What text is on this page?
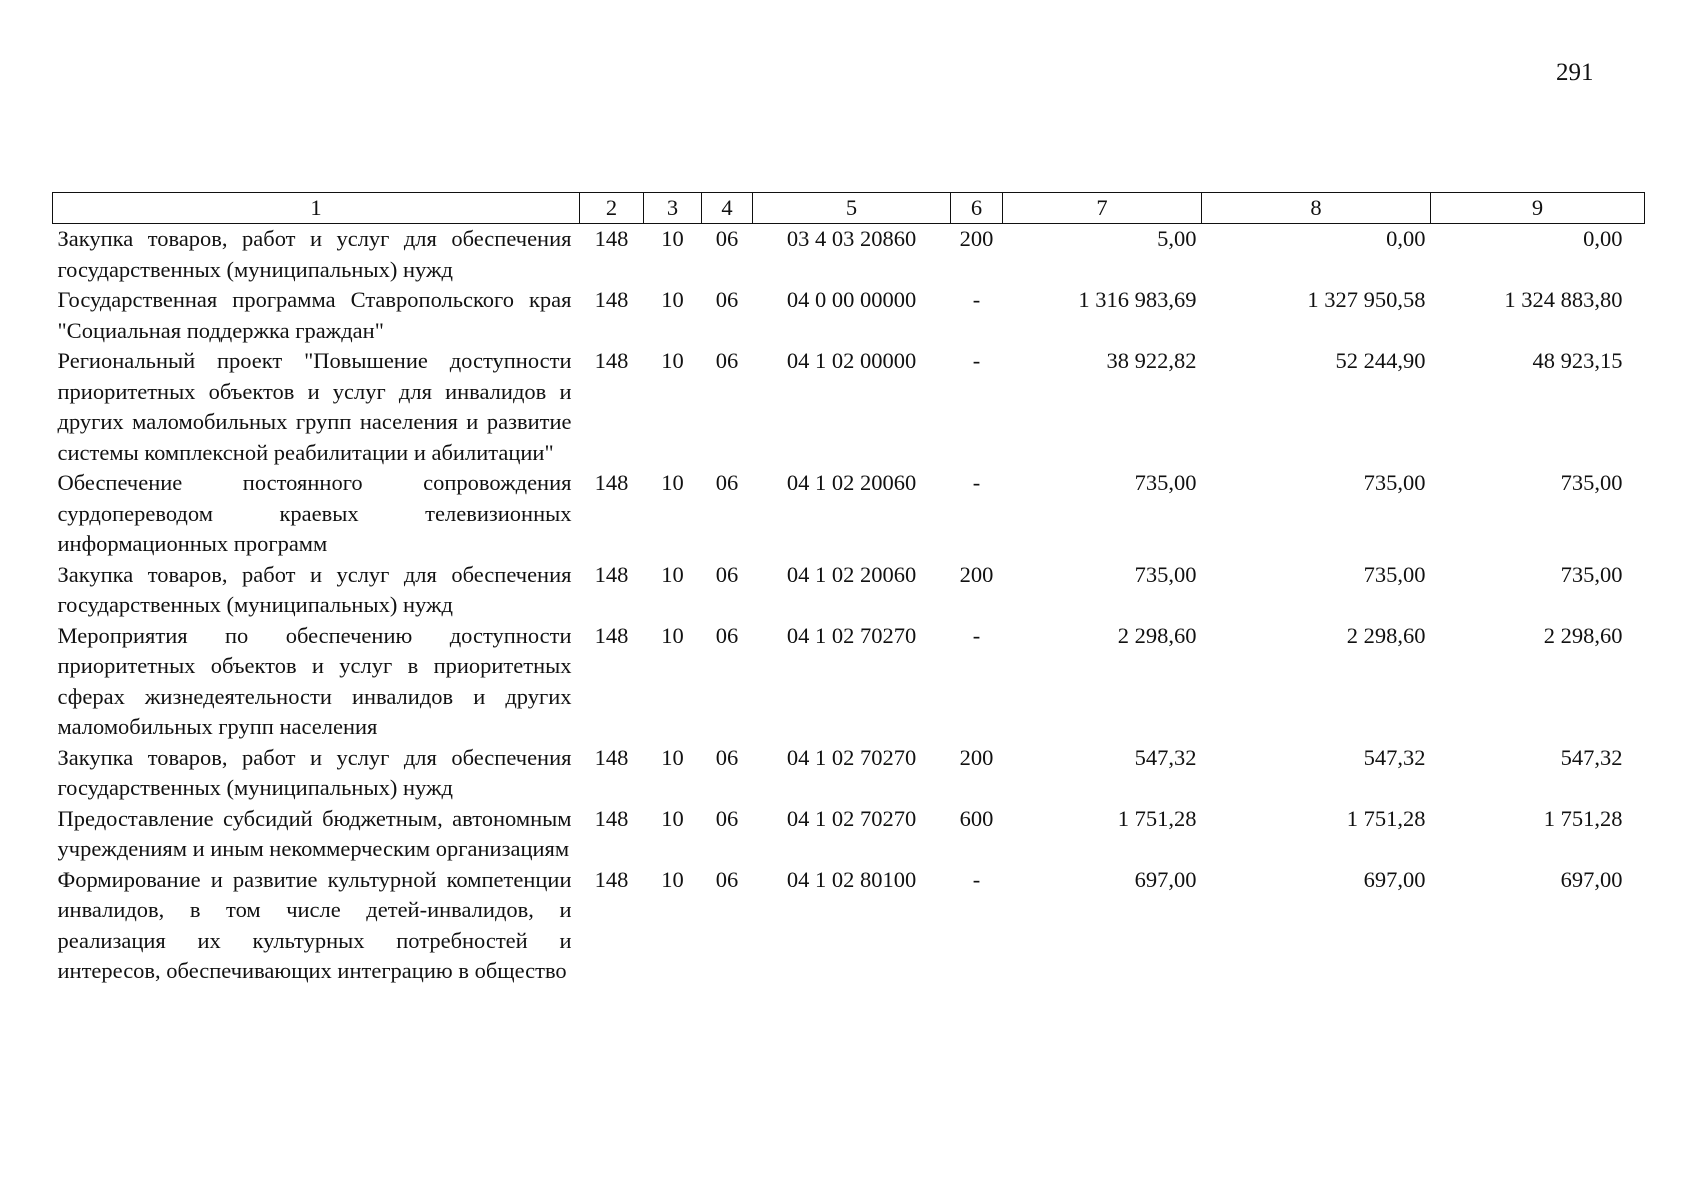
291
1	2	3	4	5	6	7	8	9
Закупка товаров, работ и услуг для обеспечения государственных (муниципальных) нужд	148	10	06	03 4 03 20860	200	5,00	0,00	0,00
Государственная программа Ставропольского края "Социальная поддержка граждан"	148	10	06	04 0 00 00000	-	1 316 983,69	1 327 950,58	1 324 883,80
Региональный проект "Повышение доступности приоритетных объектов и услуг для инвалидов и других маломобильных групп населения и развитие системы комплексной реабилитации и абилитации"	148	10	06	04 1 02 00000	-	38 922,82	52 244,90	48 923,15
Обеспечение постоянного сопровождения сурдопереводом краевых телевизионных информационных программ	148	10	06	04 1 02 20060	-	735,00	735,00	735,00
Закупка товаров, работ и услуг для обеспечения государственных (муниципальных) нужд	148	10	06	04 1 02 20060	200	735,00	735,00	735,00
Мероприятия по обеспечению доступности приоритетных объектов и услуг в приоритетных сферах жизнедеятельности инвалидов и других маломобильных групп населения	148	10	06	04 1 02 70270	-	2 298,60	2 298,60	2 298,60
Закупка товаров, работ и услуг для обеспечения государственных (муниципальных) нужд	148	10	06	04 1 02 70270	200	547,32	547,32	547,32
Предоставление субсидий бюджетным, автономным учреждениям и иным некоммерческим организациям	148	10	06	04 1 02 70270	600	1 751,28	1 751,28	1 751,28
Формирование и развитие культурной компетенции инвалидов, в том числе детей-инвалидов, и реализация их культурных потребностей и интересов, обеспечивающих интеграцию в общество	148	10	06	04 1 02 80100	-	697,00	697,00	697,00
